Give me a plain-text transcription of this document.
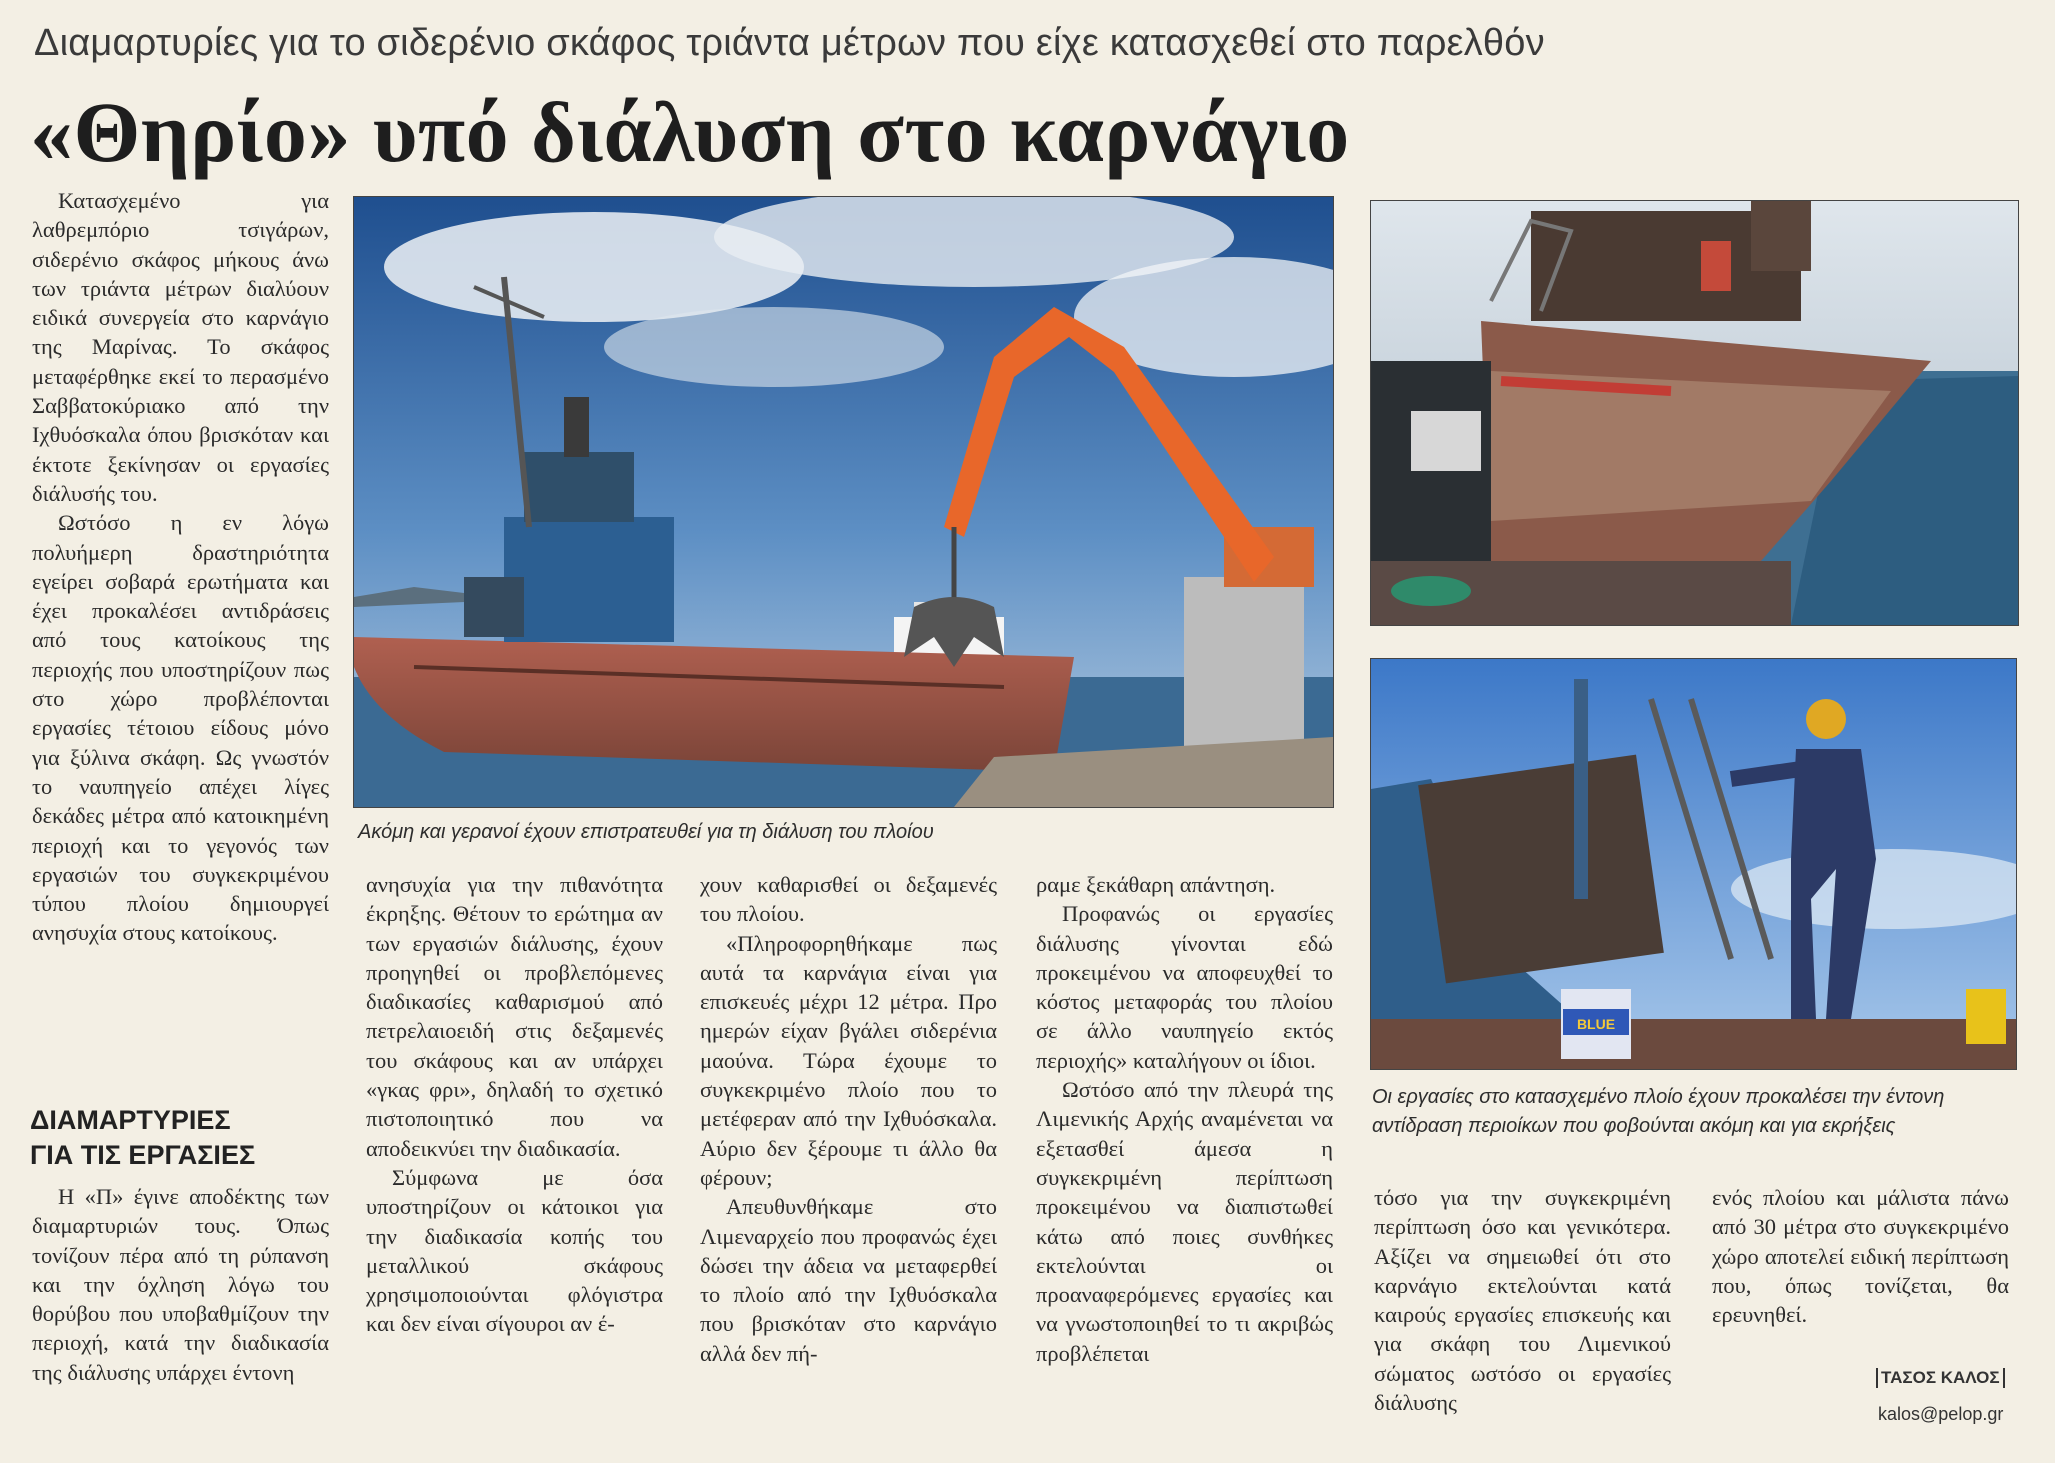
Διαμαρτυρίες για το σιδερένιο σκάφος τριάντα μέτρων που είχε κατασχεθεί στο παρελθόν
«Θηρίο» υπό διάλυση στο καρνάγιο
Ακόμη και γερανοί έχουν επιστρατευθεί για τη διάλυση του πλοίου
BLUE
Οι εργασίες στο κατασχεμένο πλοίο έχουν προκαλέσει την έντονη αντίδραση περιοίκων που φοβούνται ακόμη και για εκρήξεις

Κατασχεμένο για λαθρεμπόριο τσιγάρων, σιδερένιο σκάφος μήκους άνω των τριάντα μέτρων διαλύουν ειδικά συνεργεία στο καρνάγιο της Μαρίνας. Το σκάφος μεταφέρθηκε εκεί το περασμένο Σαββατοκύριακο από την Ιχθυόσκαλα όπου βρισκόταν και έκτοτε ξεκίνησαν οι εργασίες διάλυσής του.

Ωστόσο η εν λόγω πολυήμερη δραστηριότητα εγείρει σοβαρά ερωτήματα και έχει προκαλέσει αντιδράσεις από τους κατοίκους της περιοχής που υποστηρίζουν πως στο χώρο προβλέπονται εργασίες τέτοιου είδους μόνο για ξύλινα σκάφη. Ως γνωστόν το ναυπηγείο απέχει λίγες δεκάδες μέτρα από κατοικημένη περιοχή και το γεγονός των εργασιών του συγκεκριμένου τύπου πλοίου δημιουργεί ανησυχία στους κατοίκους.

ΔΙΑΜΑΡΤΥΡΙΕΣ
ΓΙΑ ΤΙΣ ΕΡΓΑΣΙΕΣ

Η «Π» έγινε αποδέκτης των διαμαρτυριών τους. Όπως τονίζουν πέρα από τη ρύπανση και την όχληση λόγω του θορύβου που υποβαθμίζουν την περιοχή, κατά την διαδικασία της διάλυσης υπάρχει έντονη

ανησυχία για την πιθανότητα έκρηξης. Θέτουν το ερώτημα αν των εργασιών διάλυσης, έχουν προηγηθεί οι προβλεπόμενες διαδικασίες καθαρισμού από πετρελαιοειδή στις δεξαμενές του σκάφους και αν υπάρχει «γκας φρι», δηλαδή το σχετικό πιστοποιητικό που να αποδεικνύει την διαδικασία.

Σύμφωνα με όσα υποστηρίζουν οι κάτοικοι για την διαδικασία κοπής του μεταλλικού σκάφους χρησιμοποιούνται φλόγιστρα και δεν είναι σίγουροι αν έ-

χουν καθαρισθεί οι δεξαμενές του πλοίου.

«Πληροφορηθήκαμε πως αυτά τα καρνάγια είναι για επισκευές μέχρι 12 μέτρα. Προ ημερών είχαν βγάλει σιδερένια μαούνα. Τώρα έχουμε το συγκεκριμένο πλοίο που το μετέφεραν από την Ιχθυόσκαλα. Αύριο δεν ξέρουμε τι άλλο θα φέρουν;

Απευθυνθήκαμε στο Λιμεναρχείο που προφανώς έχει δώσει την άδεια να μεταφερθεί το πλοίο από την Ιχθυόσκαλα που βρισκόταν στο καρνάγιο αλλά δεν πή-

ραμε ξεκάθαρη απάντηση.

Προφανώς οι εργασίες διάλυσης γίνονται εδώ προκειμένου να αποφευχθεί το κόστος μεταφοράς του πλοίου σε άλλο ναυπηγείο εκτός περιοχής» καταλήγουν οι ίδιοι.

Ωστόσο από την πλευρά της Λιμενικής Αρχής αναμένεται να εξετασθεί άμεσα η συγκεκριμένη περίπτωση προκειμένου να διαπιστωθεί κάτω από ποιες συνθήκες εκτελούνται οι προαναφερόμενες εργασίες και να γνωστοποιηθεί το τι ακριβώς προβλέπεται

τόσο για την συγκεκριμένη περίπτωση όσο και γενικότερα. Αξίζει να σημειωθεί ότι στο καρνάγιο εκτελούνται κατά καιρούς εργασίες επισκευής και για σκάφη του Λιμενικού σώματος ωστόσο οι εργασίες διάλυσης

ενός πλοίου και μάλιστα πάνω από 30 μέτρα στο συγκεκριμένο χώρο αποτελεί ειδική περίπτωση που, όπως τονίζεται, θα ερευνηθεί.

ΤΑΣΟΣ ΚΑΛΟΣ
kalos@pelop.gr
